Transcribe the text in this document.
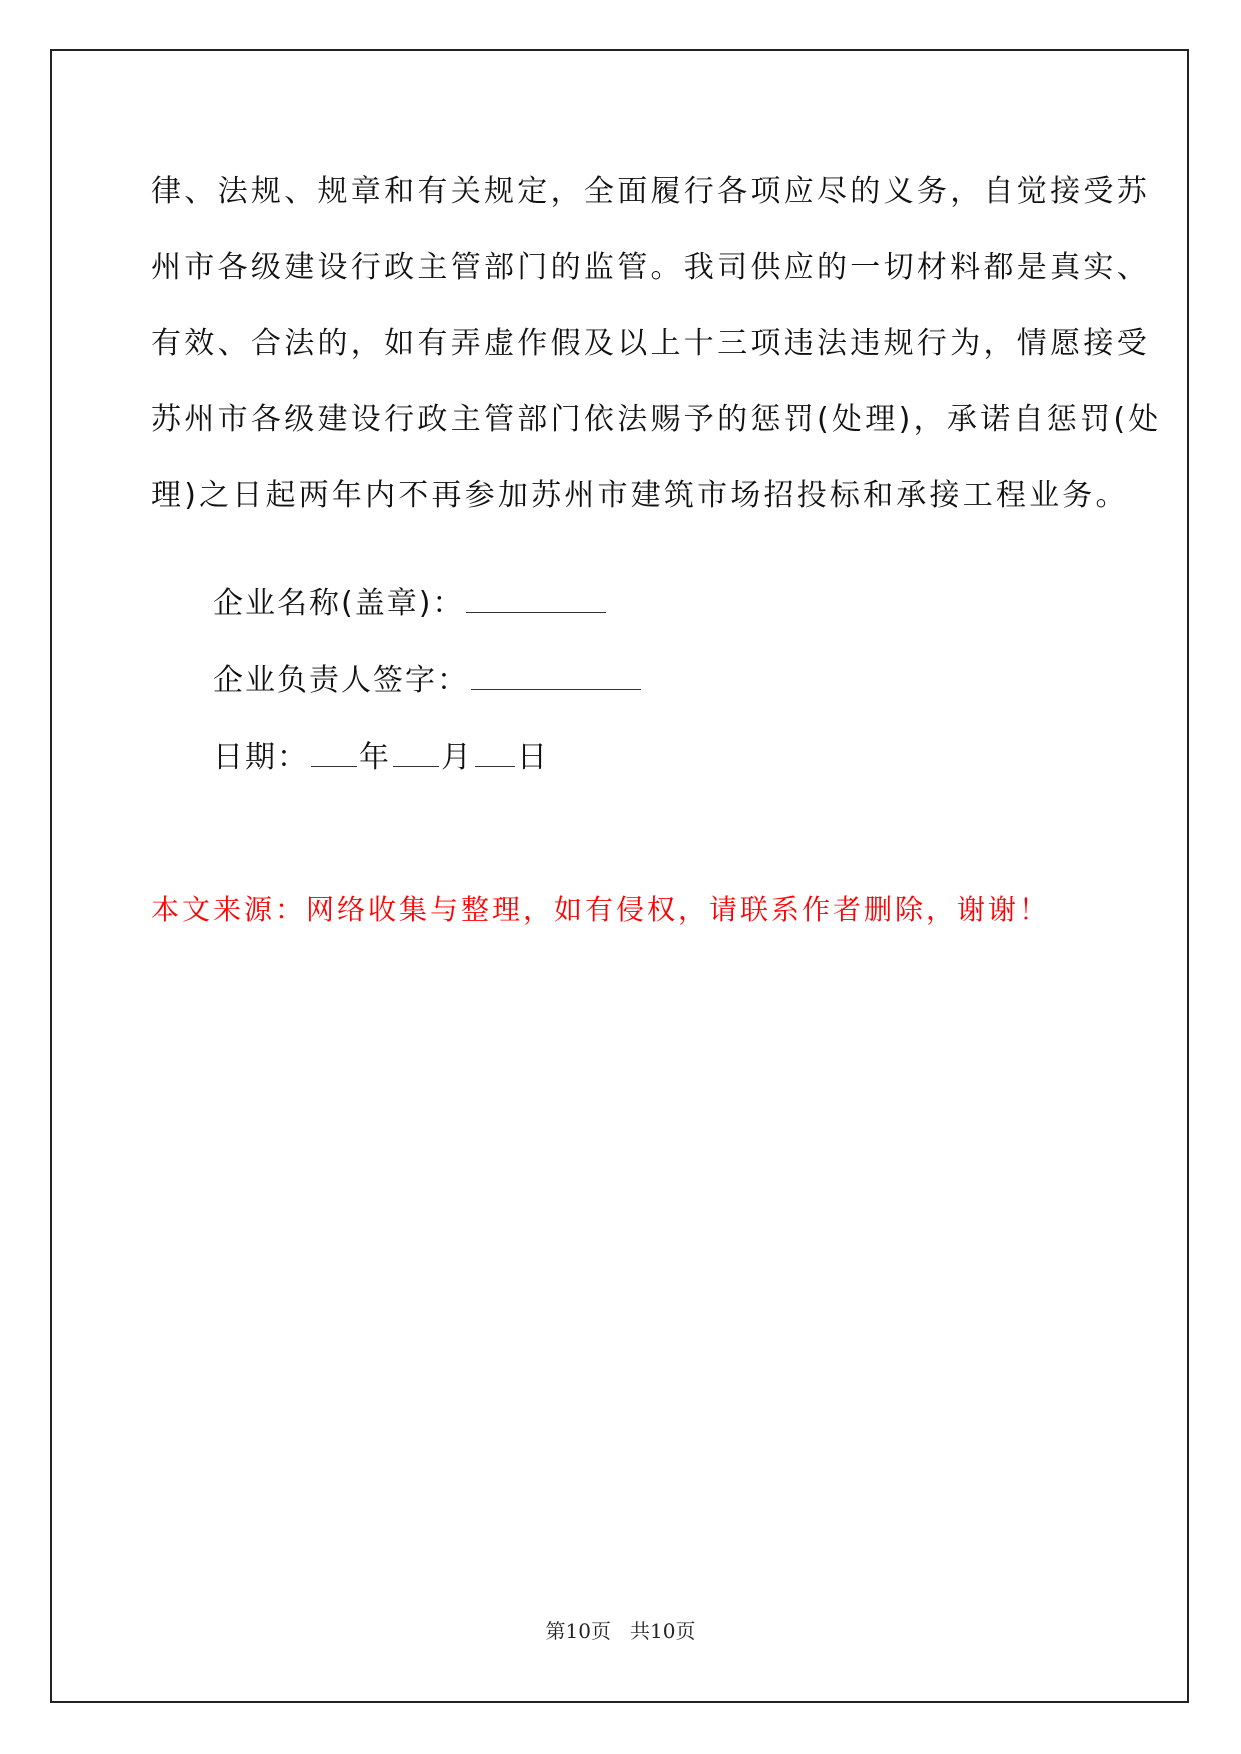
律、法规、规章和有关规定，全面履行各项应尽的义务，自觉接受苏
州市各级建设行政主管部门的监管。我司供应的一切材料都是真实、
有效、合法的，如有弄虚作假及以上十三项违法违规行为，情愿接受
苏州市各级建设行政主管部门依法赐予的惩罚(处理)，承诺自惩罚(处
理)之日起两年内不再参加苏州市建筑市场招投标和承接工程业务。
企业名称(盖章)：
企业负责人签字：
日期： 年 月 日
本文来源：网络收集与整理，如有侵权，请联系作者删除，谢谢！
第10页   共10页
